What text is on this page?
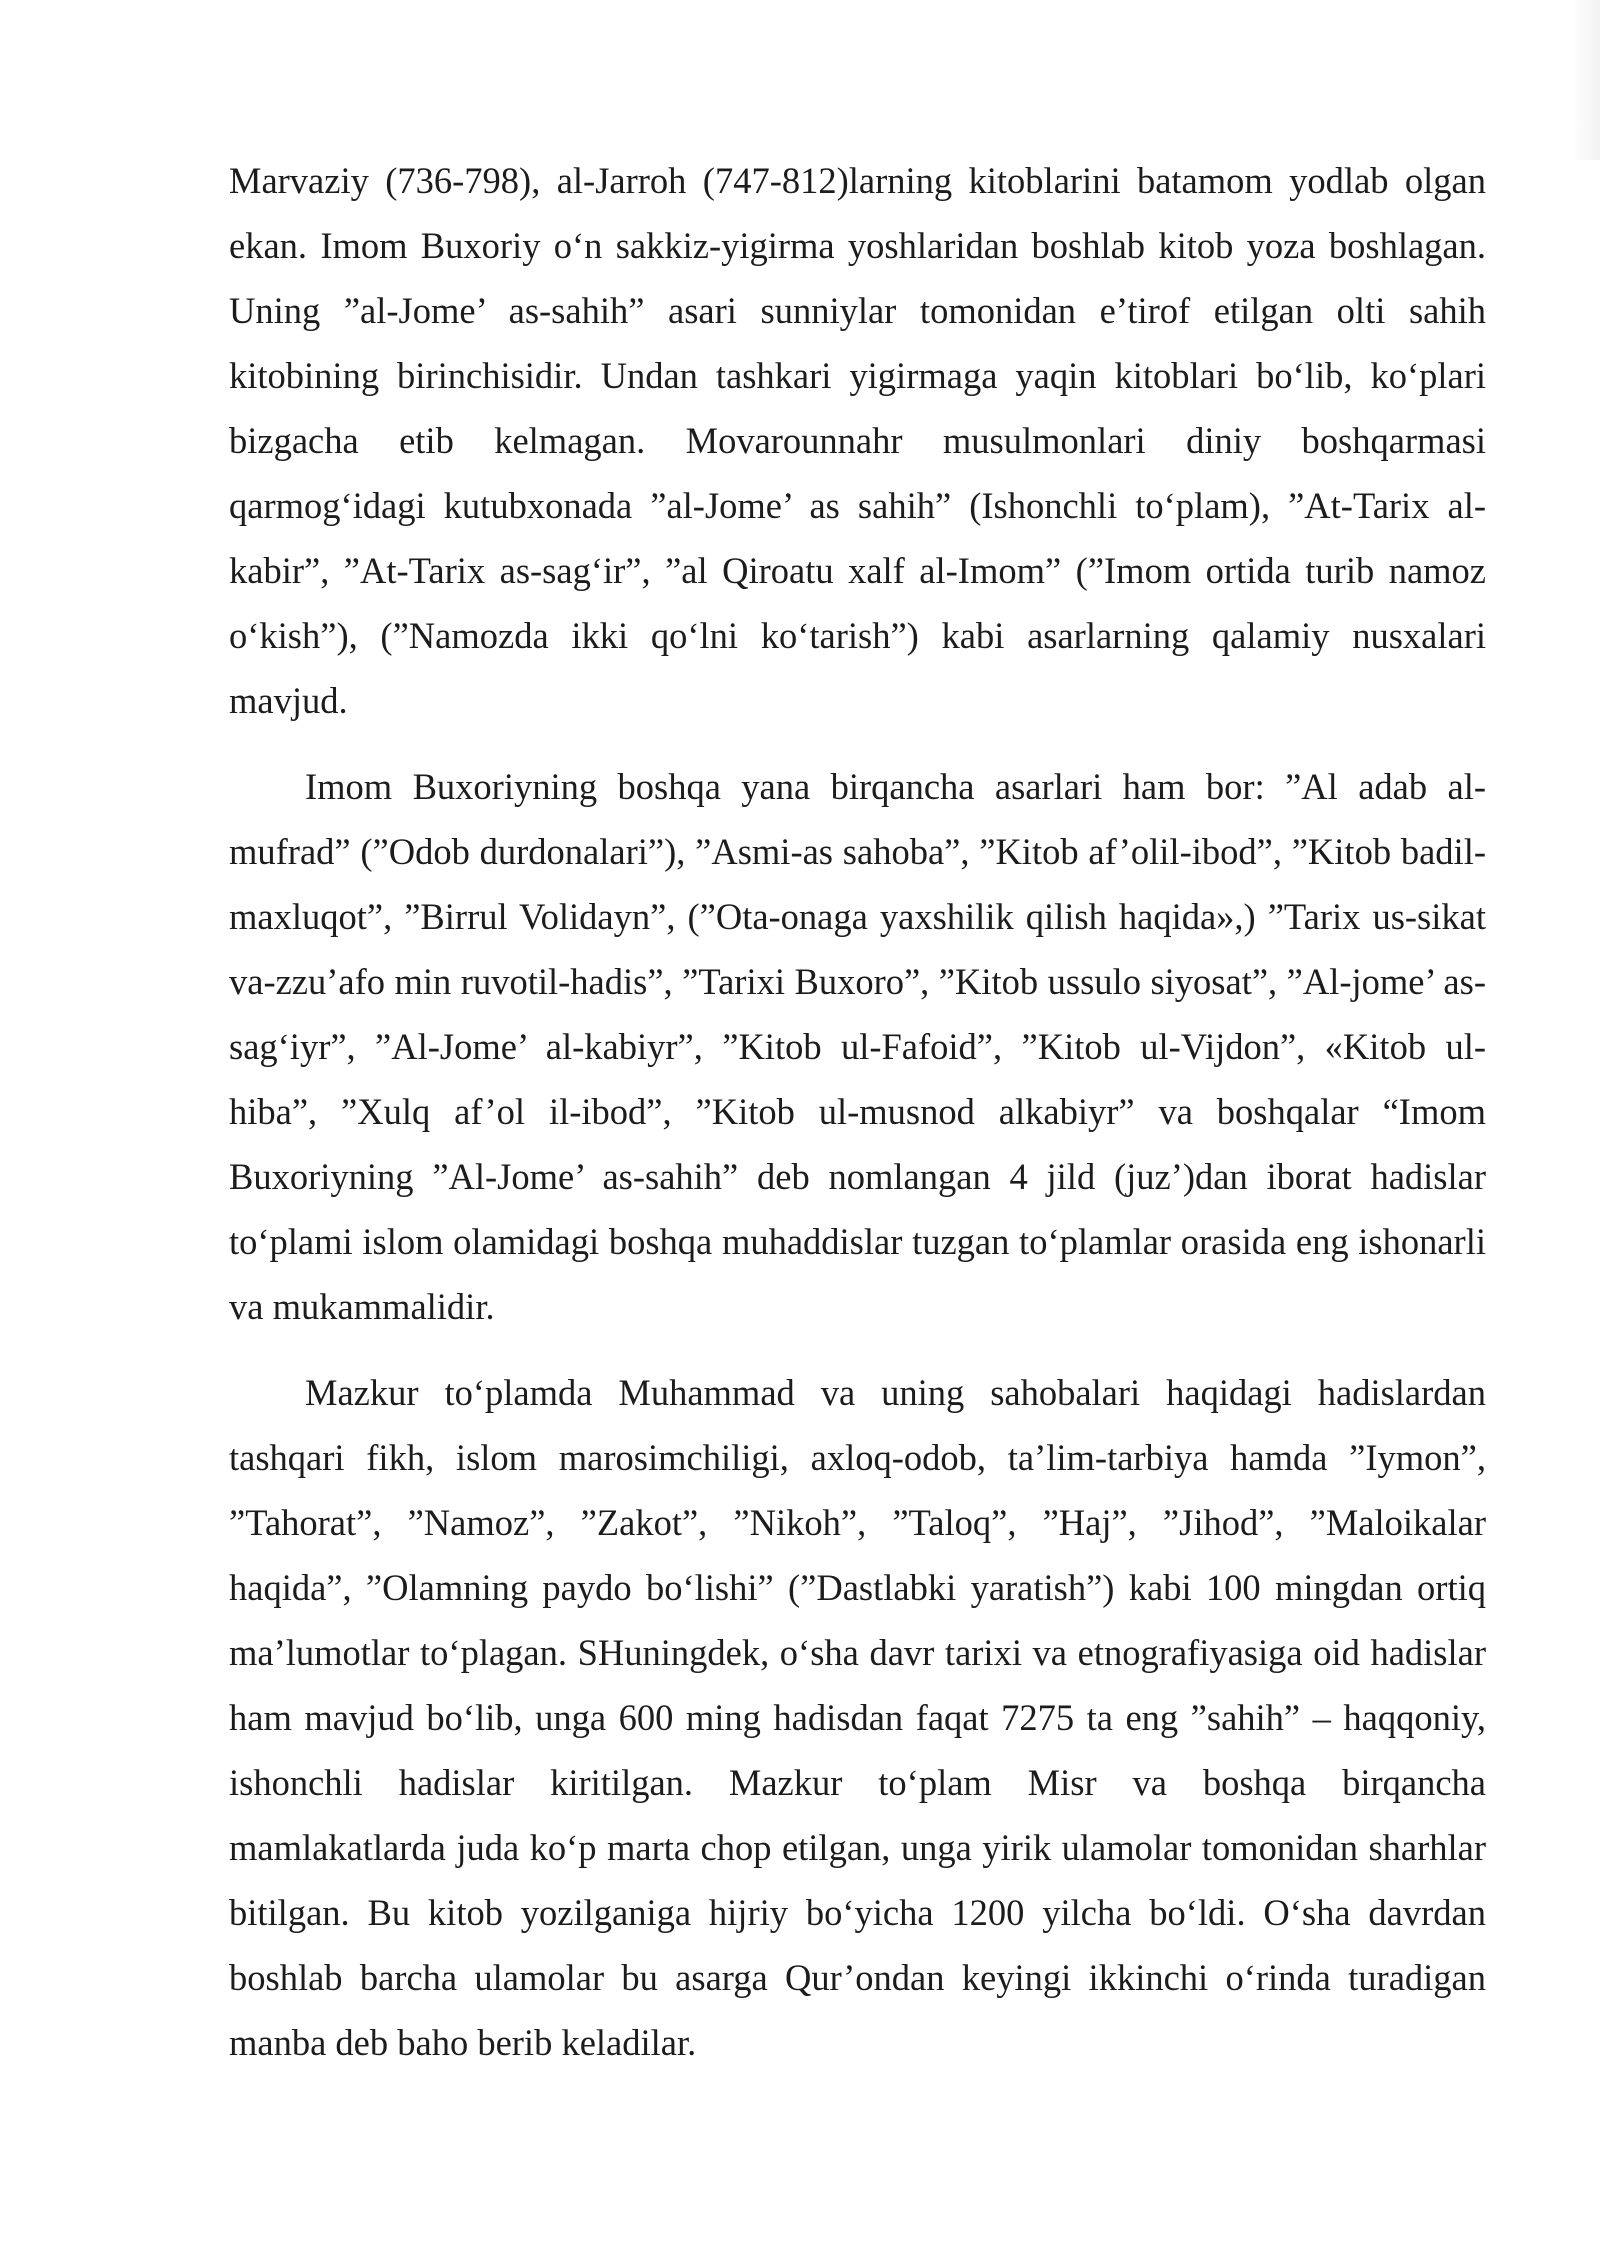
Marvaziy (736-798), al-Jarroh (747-812)larning kitoblarini batamom yodlab olgan ekan. Imom Buxoriy o‘n sakkiz-yigirma yoshlaridan boshlab kitob yoza boshlagan. Uning ”al-Jome’ as-sahih” asari sunniylar tomonidan e’tirof etilgan olti sahih kitobining birinchisidir. Undan tashkari yigirmaga yaqin kitoblari bo‘lib, ko‘plari bizgacha etib kelmagan. Movarounnahr musulmonlari diniy boshqarmasi qarmog‘idagi kutubxonada ”al-Jome’ as sahih” (Ishonchli to‘plam), ”At-Tarix al-kabir”, ”At-Tarix as-sag‘ir”, ”al Qiroatu xalf al-Imom” (”Imom ortida turib namoz o‘kish”), (”Namozda ikki qo‘lni ko‘tarish”) kabi asarlarning qalamiy nusxalari mavjud.

Imom Buxoriyning boshqa yana birqancha asarlari ham bor: ”Al adab al-mufrad” (”Odob durdonalari”), ”Asmi-as sahoba”, ”Kitob af’olil-ibod”, ”Kitob badil-maxluqot”, ”Birrul Volidayn”, (”Ota-onaga yaxshilik qilish haqida»,) ”Tarix us-sikat va-zzu’afo min ruvotil-hadis”, ”Tarixi Buxoro”, ”Kitob ussulo siyosat”, ”Al-jome’ as-sag‘iyr”, ”Al-Jome’ al-kabiyr”, ”Kitob ul-Fafoid”, ”Kitob ul-Vijdon”, «Kitob ul-hiba”, ”Xulq af’ol il-ibod”, ”Kitob ul-musnod alkabiyr” va boshqalar “Imom Buxoriyning ”Al-Jome’ as-sahih” deb nomlangan 4 jild (juz’)dan iborat hadislar to‘plami islom olamidagi boshqa muhaddislar tuzgan to‘plamlar orasida eng ishonarli va mukammalidir.

Mazkur to‘plamda Muhammad va uning sahobalari haqidagi hadislardan tashqari fikh, islom marosimchiligi, axloq-odob, ta’lim-tarbiya hamda ”Iymon”, ”Tahorat”, ”Namoz”, ”Zakot”, ”Nikoh”, ”Taloq”, ”Haj”, ”Jihod”, ”Maloikalar haqida”, ”Olamning paydo bo‘lishi” (”Dastlabki yaratish”) kabi 100 mingdan ortiq ma’lumotlar to‘plagan. SHuningdek, o‘sha davr tarixi va etnografiyasiga oid hadislar ham mavjud bo‘lib, unga 600 ming hadisdan faqat 7275 ta eng ”sahih” – haqqoniy, ishonchli hadislar kiritilgan. Mazkur to‘plam Misr va boshqa birqancha mamlakatlarda juda ko‘p marta chop etilgan, unga yirik ulamolar tomonidan sharhlar bitilgan. Bu kitob yozilganiga hijriy bo‘yicha 1200 yilcha bo‘ldi. O‘sha davrdan boshlab barcha ulamolar bu asarga Qur’ondan keyingi ikkinchi o‘rinda turadigan manba deb baho berib keladilar.
